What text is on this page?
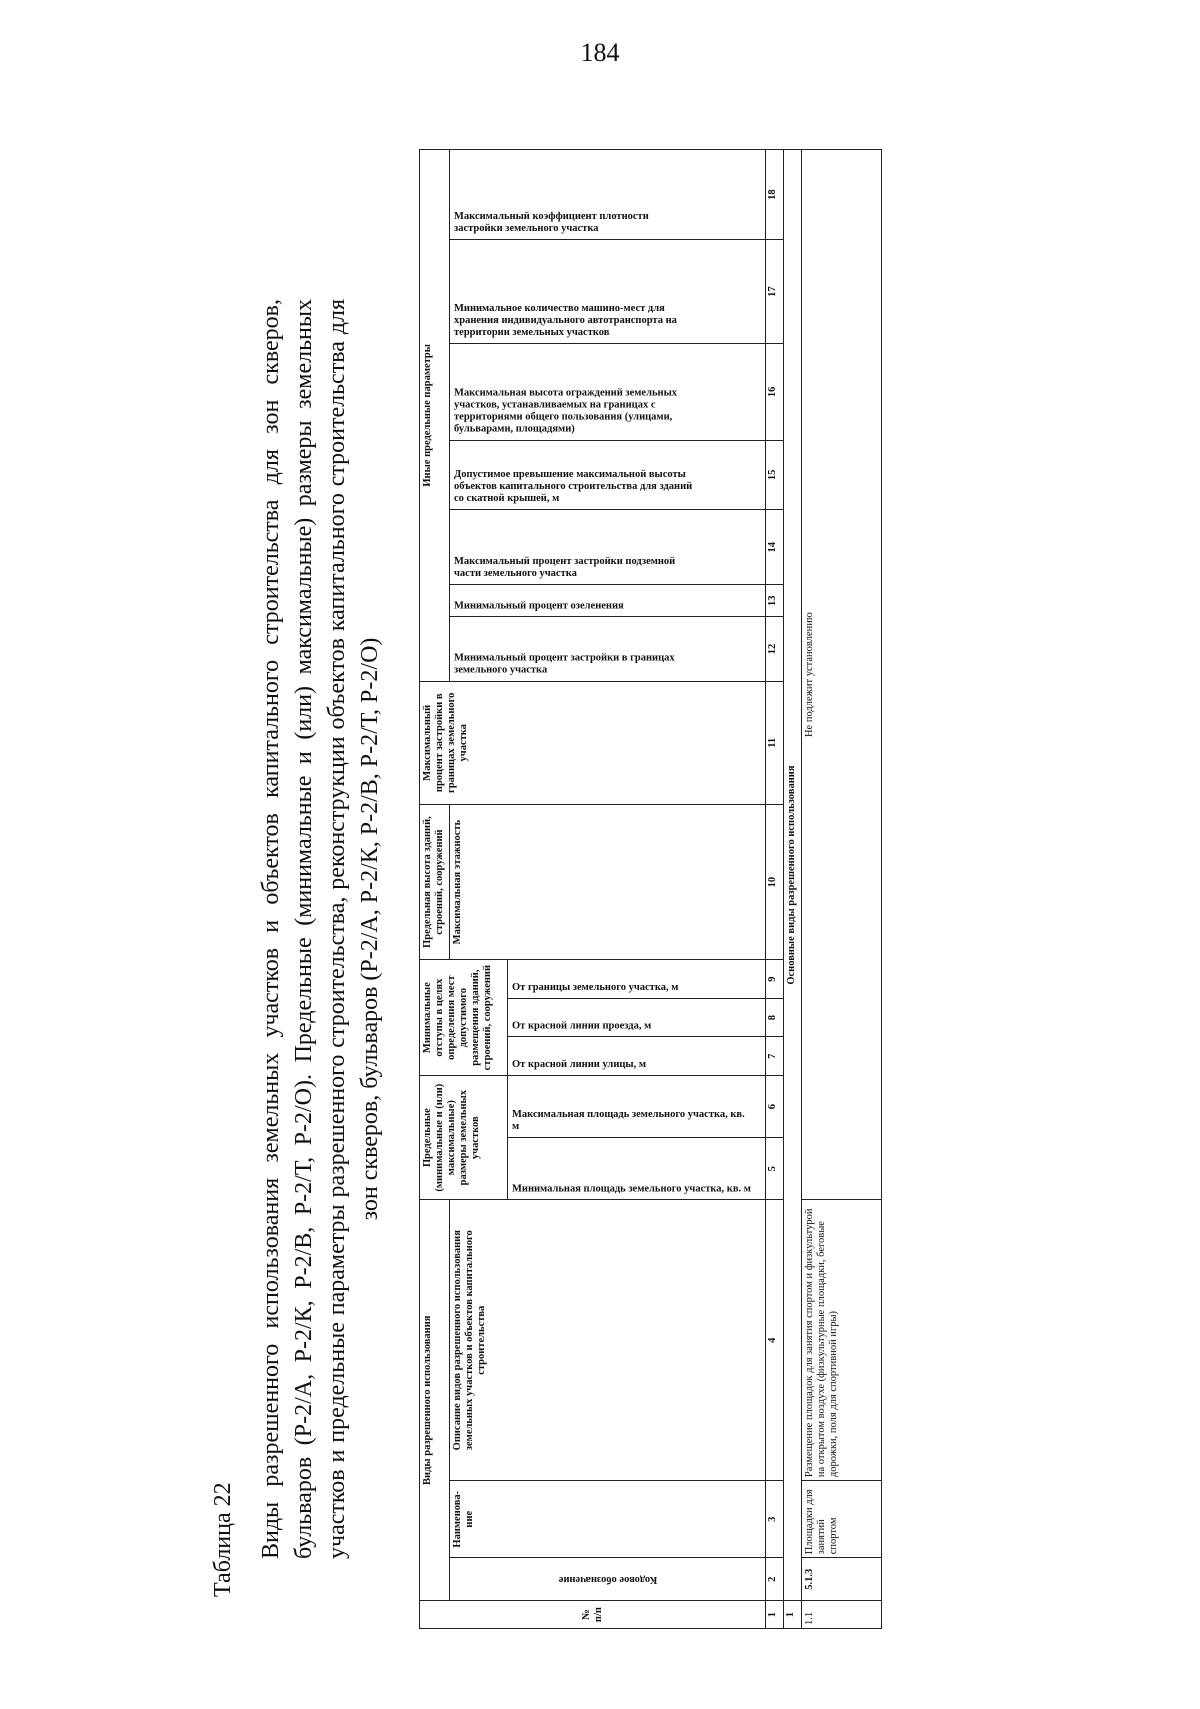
184
Таблица 22 Виды разрешенного использования земельных участков и объектов капитального строительства для зон скверов, бульваров (Р-2/А, Р-2/К, Р-2/В, Р-2/Т, Р-2/О). Предельные (минимальные и (или) максимальные) размеры земельных участков и предельные параметры разрешенного строительства, реконструкции объектов капитального строительства для зон скверов, бульваров (Р-2/А, Р-2/К, Р-2/В, Р-2/Т, Р-2/О)
№ п/п	Виды разрешенного использования			Предельные (минимальные и (или) максимальные) размеры земельных участков		Минимальные отступы в целях определения мест допустимого размещения зданий, строений, сооружений			Предельная высота зданий, строений, сооружений	Максимальный процент застройки в границах земельного участка	Иные предельные параметры						

	Кодовое обозначение	Наименова-ние	Описание видов разрешенного использования земельных участков и объектов капитального строительства						Максимальная этажность		Минимальный процент застройки в границах земельного участка	Минимальный процент озеленения	Максимальный процент застройки подземной части земельного участка	Допустимое превышение максимальной высоты объектов капитального строительства для зданий со скатной крышей, м	Максимальная высота ограждений земельных участков, устанавливаемых на границах с территориями общего пользования (улицами, бульварами, площадями)	Минимальное количество машино-мест для хранения индивидуального автотранспорта на территории земельных участков	Максимальный коэффициент плотности застройки земельного участка

				Минимальная площадь земельного участка, кв. м	Максимальная площадь земельного участка, кв. м	От красной линии улицы, м	От красной линии проезда, м	От границы земельного участка, м									

1	2	3	4	5	6	7	8	9	10	11	12	13	14	15	16	17	18
1	Основные виды разрешенного использования																
1.1	5.1.3	Площадки для занятий спортом	Размещение площадок для занятия спортом и физкультурой на открытом воздухе (физкультурные площадки, беговые дорожки, поля для спортивной игры)	Не подлежит установлению													
